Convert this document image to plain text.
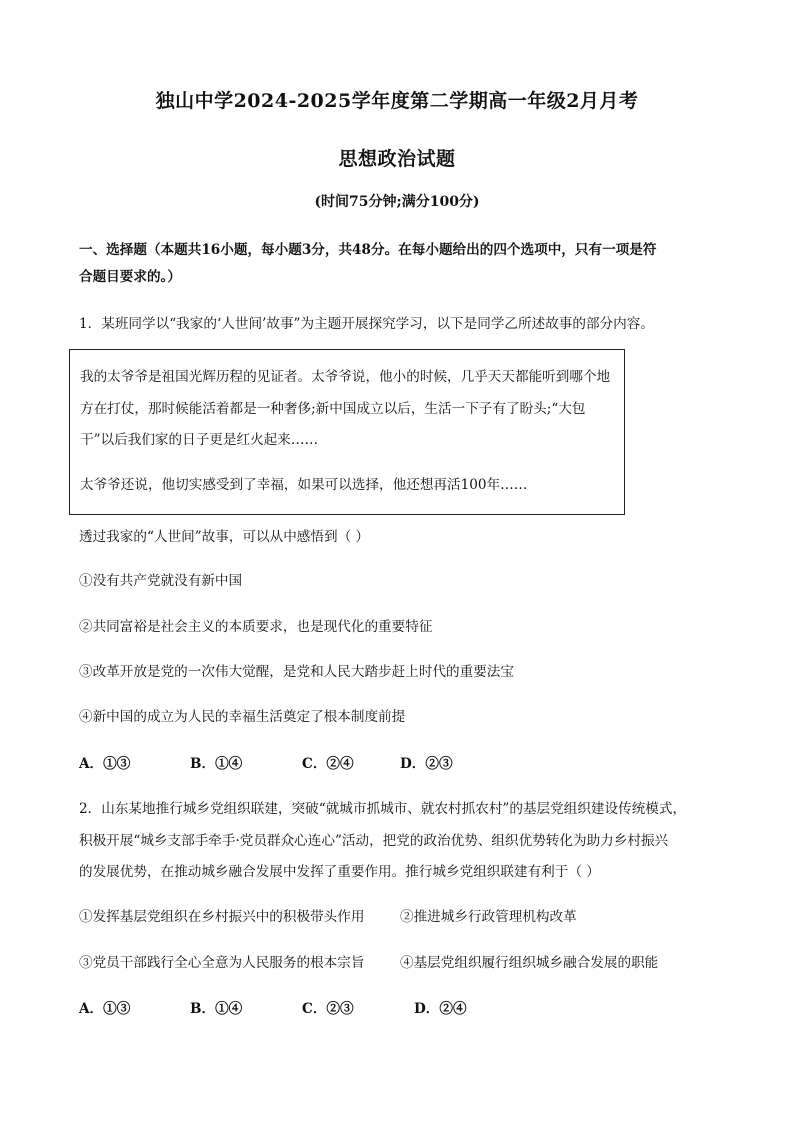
独山中学2024-2025学年度第二学期高一年级2月月考
思想政治试题
(时间75分钟;满分100分)
一、选择题（本题共16小题，每小题3分，共48分。在每小题给出的四个选项中，只有一项是符
合题目要求的。）
1．某班同学以“我家的‘人世间’故事”为主题开展探究学习，以下是同学乙所述故事的部分内容。
我的太爷爷是祖国光辉历程的见证者。太爷爷说，他小的时候，几乎天天都能听到哪个地
方在打仗，那时候能活着都是一种奢侈;新中国成立以后，生活一下子有了盼头;“大包
干”以后我们家的日子更是红火起来……
太爷爷还说，他切实感受到了幸福，如果可以选择，他还想再活100年……
透过我家的“人世间”故事，可以从中感悟到（ ）
①没有共产党就没有新中国
②共同富裕是社会主义的本质要求，也是现代化的重要特征
③改革开放是党的一次伟大觉醒，是党和人民大踏步赶上时代的重要法宝
④新中国的成立为人民的幸福生活奠定了根本制度前提
A．①③	B．①④	C．②④	D．②③
2．山东某地推行城乡党组织联建，突破“就城市抓城市、就农村抓农村”的基层党组织建设传统模式，
积极开展“城乡支部手牵手·党员群众心连心”活动，把党的政治优势、组织优势转化为助力乡村振兴
的发展优势，在推动城乡融合发展中发挥了重要作用。推行城乡党组织联建有利于（ ）
①发挥基层党组织在乡村振兴中的积极带头作用	②推进城乡行政管理机构改革
③党员干部践行全心全意为人民服务的根本宗旨	④基层党组织履行组织城乡融合发展的职能
A．①③	B．①④	C．②③	D．②④
